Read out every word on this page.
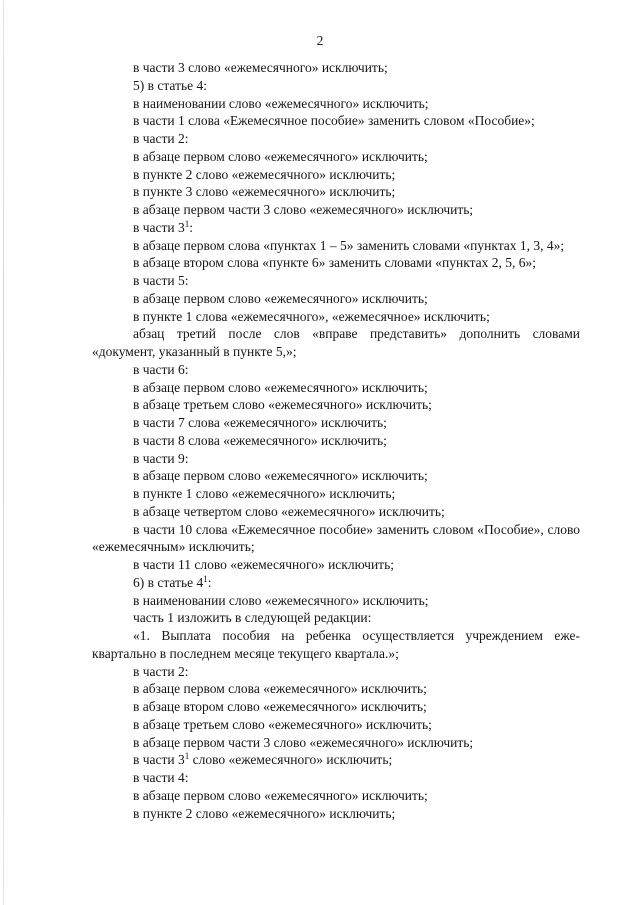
2

в части 3 слово «ежемесячного» исключить;

5) в статье 4:

в наименовании слово «ежемесячного» исключить;

в части 1 слова «Ежемесячное пособие» заменить словом «Пособие»;

в части 2:

в абзаце первом слово «ежемесячного» исключить;

в пункте 2 слово «ежемесячного» исключить;

в пункте 3 слово «ежемесячного» исключить;

в абзаце первом части 3 слово «ежемесячного» исключить;

в части $3^1$:

в абзаце первом слова «пунктах 1 – 5» заменить словами «пунктах 1, 3, 4»;

в абзаце втором слова «пункте 6» заменить словами «пунктах 2, 5, 6»;

в части 5:

в абзаце первом слово «ежемесячного» исключить;

в пункте 1 слова «ежемесячного», «ежемесячное» исключить;

абзац третий после слов «вправе представить» дополнить словами «документ, указанный в пункте 5,»;

в части 6:

в абзаце первом слово «ежемесячного» исключить;

в абзаце третьем слово «ежемесячного» исключить;

в части 7 слова «ежемесячного» исключить;

в части 8 слова «ежемесячного» исключить;

в части 9:

в абзаце первом слово «ежемесячного» исключить;

в пункте 1 слово «ежемесячного» исключить;

в абзаце четвертом слово «ежемесячного» исключить;

в части 10 слова «Ежемесячное пособие» заменить словом «Пособие», слово «ежемесячным» исключить;

в части 11 слово «ежемесячного» исключить;

6) в статье $4^1$:

в наименовании слово «ежемесячного» исключить;

часть 1 изложить в следующей редакции:

«1. Выплата пособия на ребенка осуществляется учреждением ежеквартально в последнем месяце текущего квартала.»;

в части 2:

в абзаце первом слова «ежемесячного» исключить;

в абзаце втором слово «ежемесячного» исключить;

в абзаце третьем слово «ежемесячного» исключить;

в абзаце первом части 3 слово «ежемесячного» исключить;

в части $3^1$ слово «ежемесячного» исключить;

в части 4:

в абзаце первом слово «ежемесячного» исключить;

в пункте 2 слово «ежемесячного» исключить;
